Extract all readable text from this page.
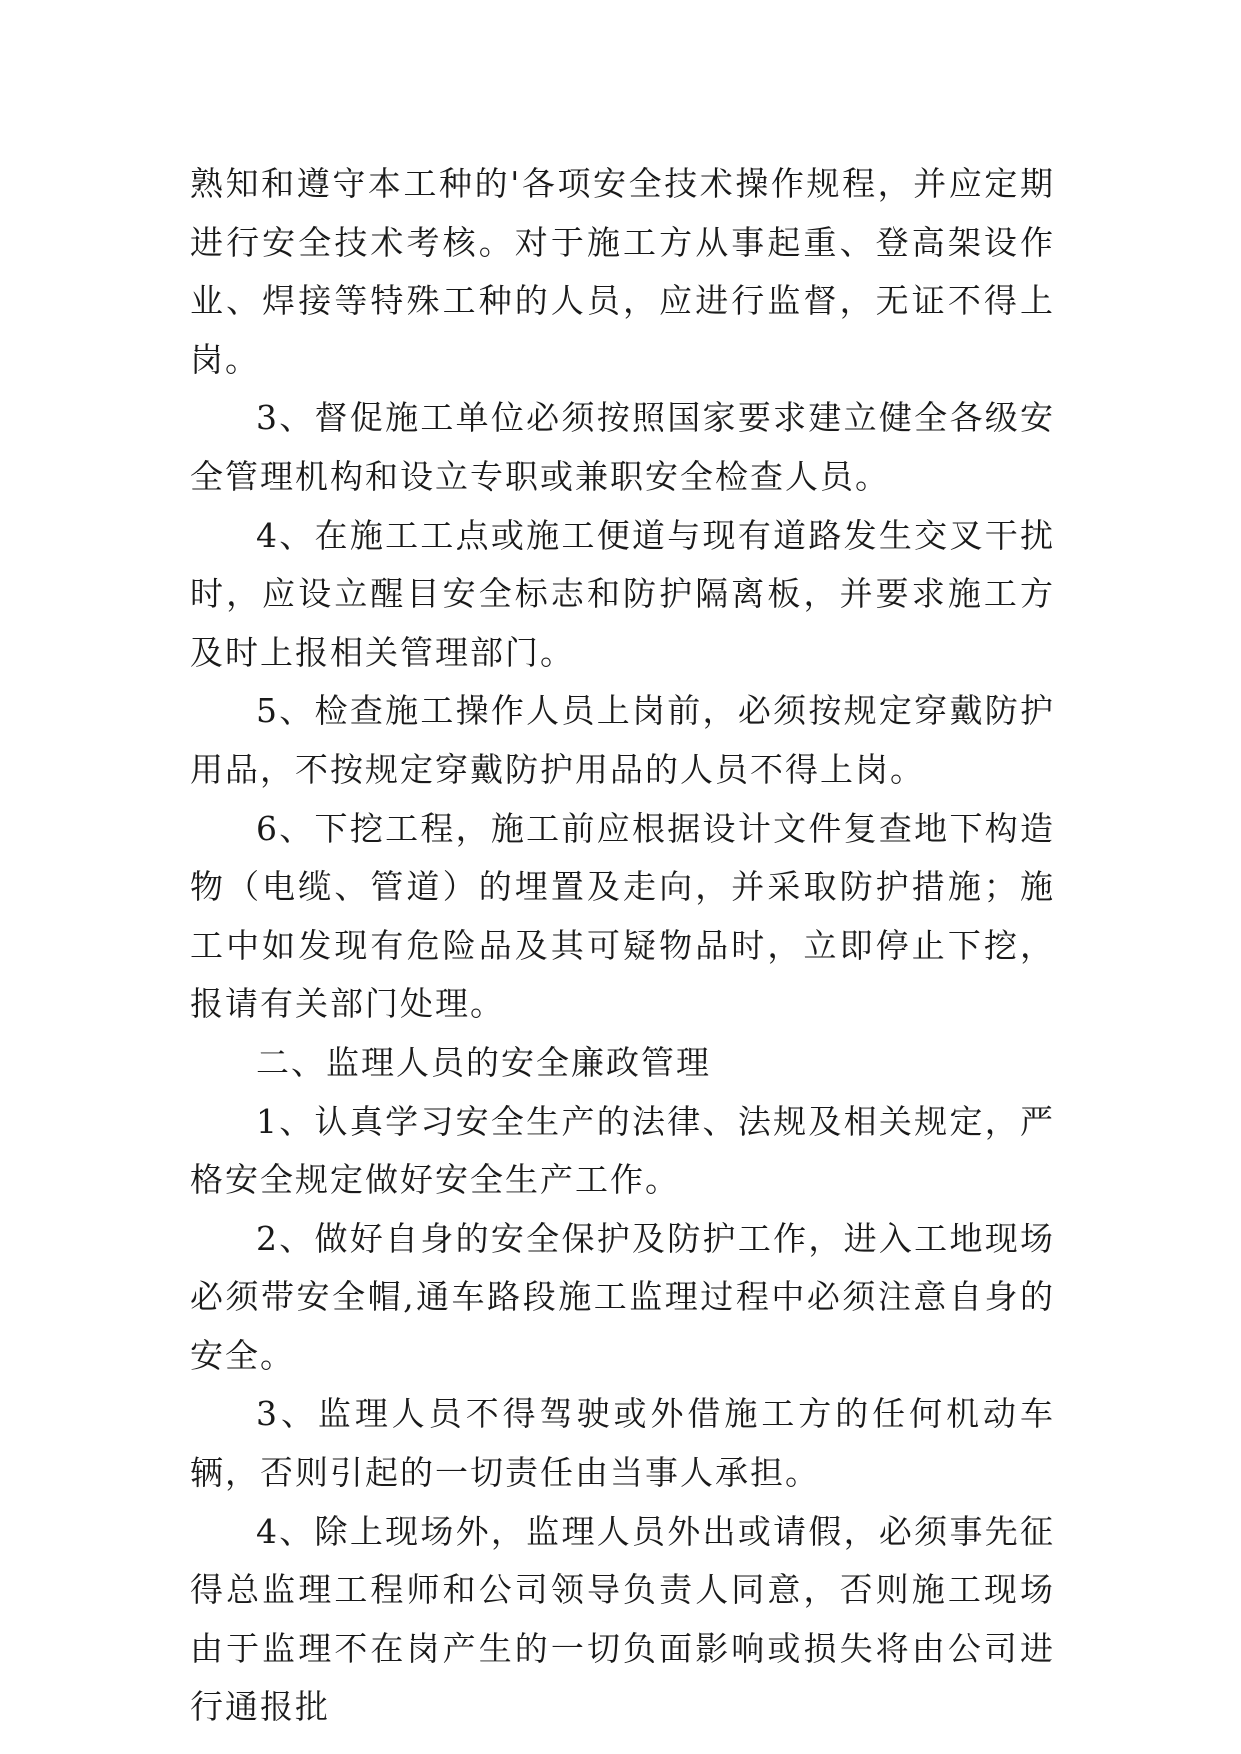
熟知和遵守本工种的'各项安全技术操作规程，并应定期进行安全技术考核。对于施工方从事起重、登高架设作业、焊接等特殊工种的人员，应进行监督，无证不得上岗。

3、督促施工单位必须按照国家要求建立健全各级安全管理机构和设立专职或兼职安全检查人员。

4、在施工工点或施工便道与现有道路发生交叉干扰时，应设立醒目安全标志和防护隔离板，并要求施工方及时上报相关管理部门。

5、检查施工操作人员上岗前，必须按规定穿戴防护用品，不按规定穿戴防护用品的人员不得上岗。

6、下挖工程，施工前应根据设计文件复查地下构造物（电缆、管道）的埋置及走向，并采取防护措施；施工中如发现有危险品及其可疑物品时，立即停止下挖，报请有关部门处理。

二、监理人员的安全廉政管理

1、认真学习安全生产的法律、法规及相关规定，严格安全规定做好安全生产工作。

2、做好自身的安全保护及防护工作，进入工地现场必须带安全帽,通车路段施工监理过程中必须注意自身的安全。

3、监理人员不得驾驶或外借施工方的任何机动车辆，否则引起的一切责任由当事人承担。

4、除上现场外，监理人员外出或请假，必须事先征得总监理工程师和公司领导负责人同意，否则施工现场由于监理不在岗产生的一切负面影响或损失将由公司进行通报批
